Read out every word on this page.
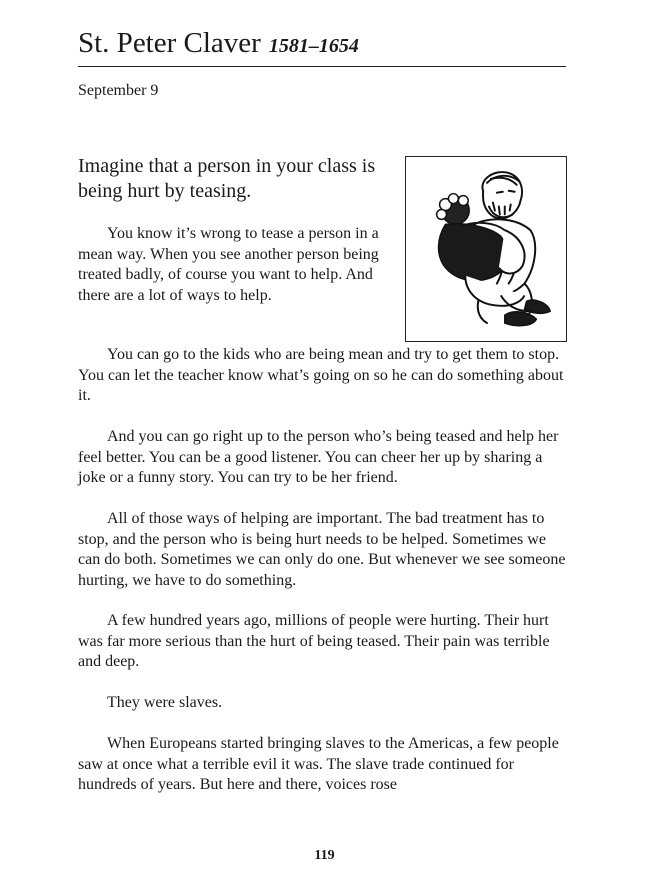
St. Peter Claver 1581–1654
September 9
Imagine that a person in your class is being hurt by teasing.

You know it’s wrong to tease a person in a mean way. When you see another person being treated badly, of course you want to help. And there are a lot of ways to help.

You can go to the kids who are being mean and try to get them to stop. You can let the teacher know what’s going on so he can do something about it.

And you can go right up to the person who’s being teased and help her feel better. You can be a good listener. You can cheer her up by sharing a joke or a funny story. You can try to be her friend.

All of those ways of helping are important. The bad treatment has to stop, and the person who is being hurt needs to be helped. Sometimes we can do both. Sometimes we can only do one. But whenever we see someone hurting, we have to do something.

A few hundred years ago, millions of people were hurting. Their hurt was far more serious than the hurt of being teased. Their pain was terrible and deep.

They were slaves.

When Europeans started bringing slaves to the Americas, a few people saw at once what a terrible evil it was. The slave trade continued for hundreds of years. But here and there, voices rose

119
